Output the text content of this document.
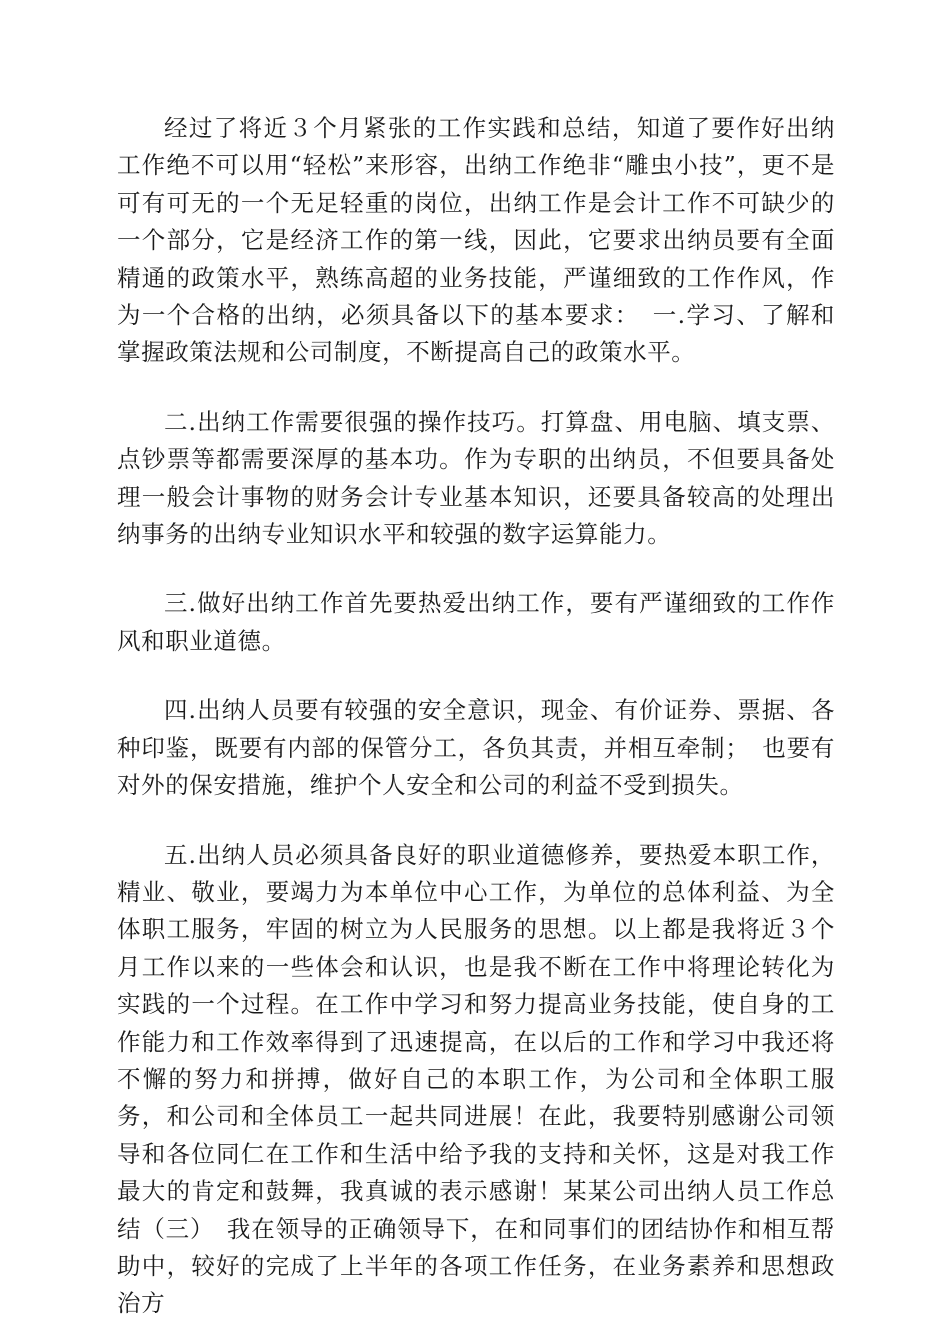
经过了将近３个月紧张的工作实践和总结，知道了要作好出纳工作绝不可以用“轻松”来形容，出纳工作绝非“雕虫小技”，更不是可有可无的一个无足轻重的岗位，出纳工作是会计工作不可缺少的一个部分，它是经济工作的第一线，因此，它要求出纳员要有全面精通的政策水平，熟练高超的业务技能，严谨细致的工作作风，作为一个合格的出纳，必须具备以下的基本要求：　一.学习、了解和掌握政策法规和公司制度，不断提高自己的政策水平。

二.出纳工作需要很强的操作技巧。打算盘、用电脑、填支票、点钞票等都需要深厚的基本功。作为专职的出纳员，不但要具备处理一般会计事物的财务会计专业基本知识，还要具备较高的处理出纳事务的出纳专业知识水平和较强的数字运算能力。

三.做好出纳工作首先要热爱出纳工作，要有严谨细致的工作作风和职业道德。

四.出纳人员要有较强的安全意识，现金、有价证券、票据、各种印鉴，既要有内部的保管分工，各负其责，并相互牵制；　也要有对外的保安措施，维护个人安全和公司的利益不受到损失。

五.出纳人员必须具备良好的职业道德修养，要热爱本职工作，精业、敬业，要竭力为本单位中心工作，为单位的总体利益、为全体职工服务，牢固的树立为人民服务的思想。以上都是我将近３个月工作以来的一些体会和认识，也是我不断在工作中将理论转化为实践的一个过程。在工作中学习和努力提高业务技能，使自身的工作能力和工作效率得到了迅速提高，在以后的工作和学习中我还将不懈的努力和拼搏，做好自己的本职工作，为公司和全体职工服务，和公司和全体员工一起共同进展！在此，我要特别感谢公司领导和各位同仁在工作和生活中给予我的支持和关怀，这是对我工作最大的肯定和鼓舞，我真诚的表示感谢！某某公司出纳人员工作总结（三）　我在领导的正确领导下，在和同事们的团结协作和相互帮助中，较好的完成了上半年的各项工作任务，在业务素养和思想政治方
